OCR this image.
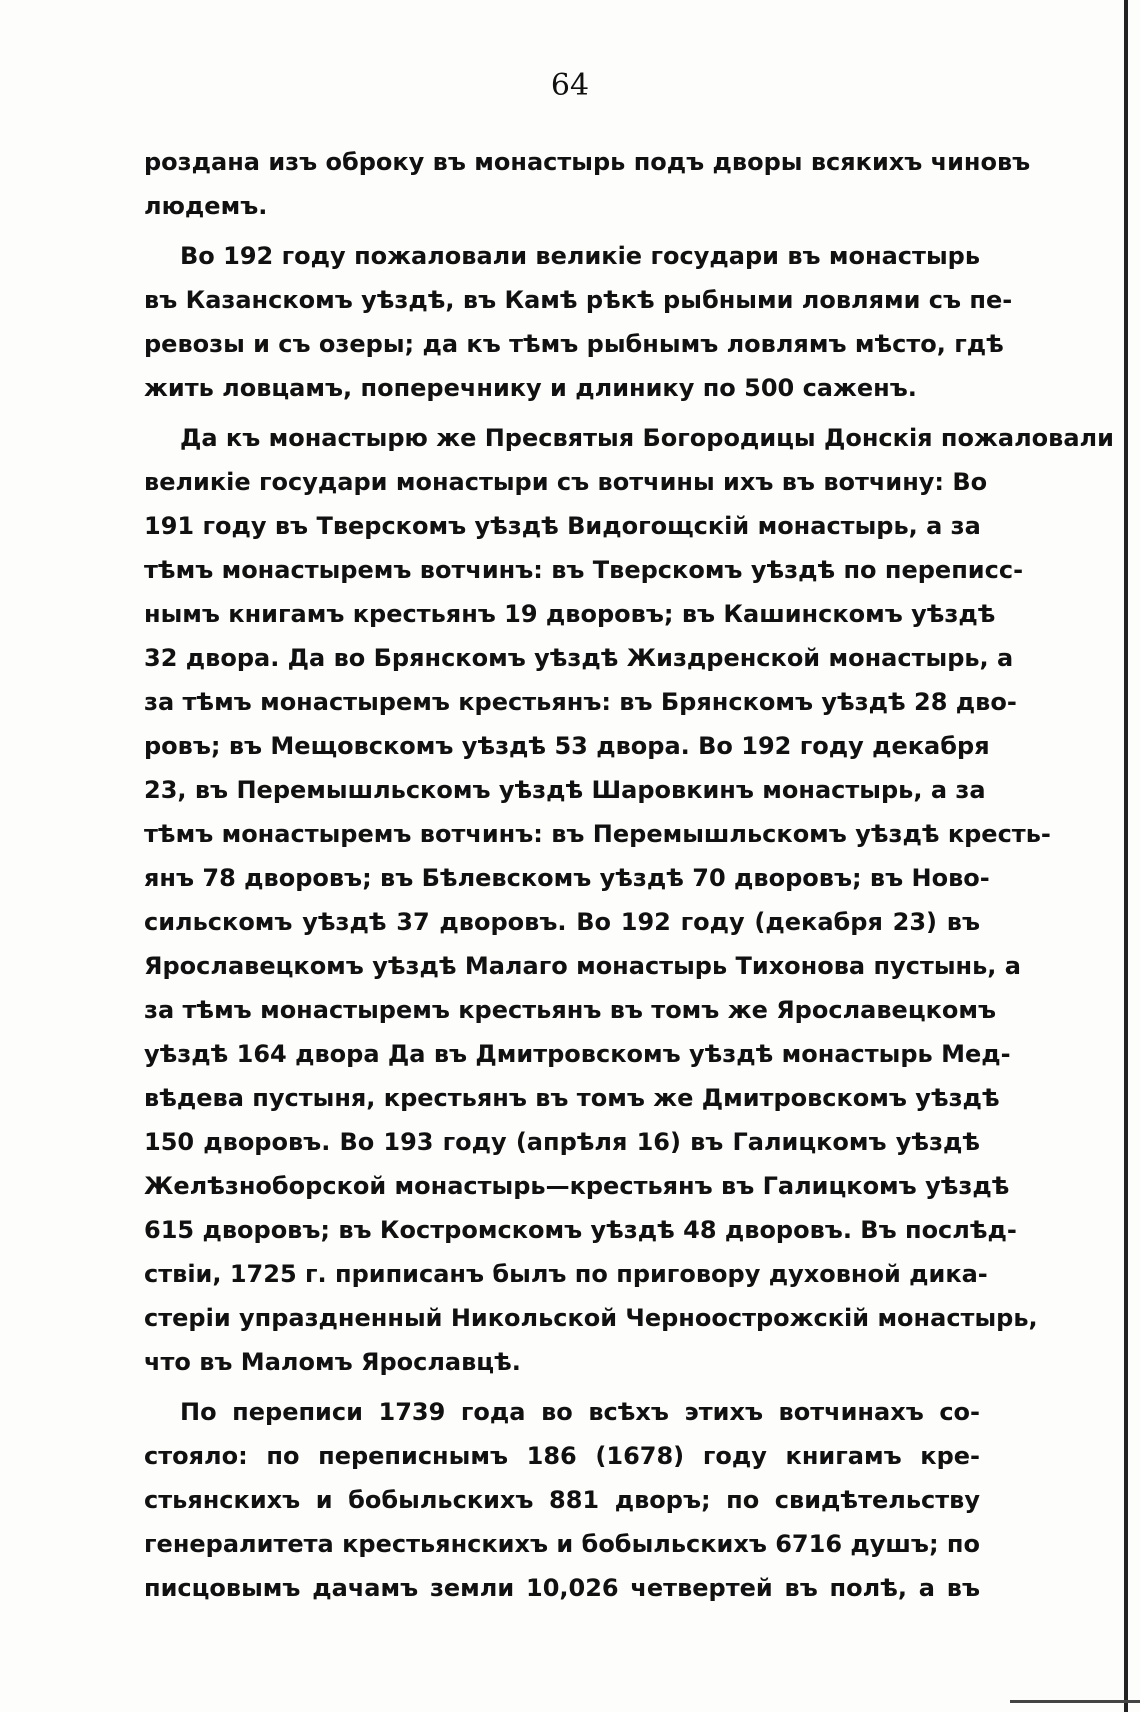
64
роздана изъ оброку въ монастырь подъ дворы всякихъ чиновъ
людемъ.
Во 192 году пожаловали великіе государи въ монастырь
въ Казанскомъ уѣздѣ, въ Камѣ рѣкѣ рыбными ловлями съ пе-
ревозы и съ озеры; да къ тѣмъ рыбнымъ ловлямъ мѣсто, гдѣ
жить ловцамъ, поперечнику и длинику по 500 саженъ.
Да къ монастырю же Пресвятыя Богородицы Донскія пожаловали
великіе государи монастыри съ вотчины ихъ въ вотчину: Во
191 году въ Тверскомъ уѣздѣ Видогощскій монастырь, а за
тѣмъ монастыремъ вотчинъ: въ Тверскомъ уѣздѣ по переписс-
нымъ книгамъ крестьянъ 19 дворовъ; въ Кашинскомъ уѣздѣ
32 двора. Да во Брянскомъ уѣздѣ Жиздренской монастырь, а
за тѣмъ монастыремъ крестьянъ: въ Брянскомъ уѣздѣ 28 дво-
ровъ; въ Мещовскомъ уѣздѣ 53 двора. Во 192 году декабря
23, въ Перемышльскомъ уѣздѣ Шаровкинъ монастырь, а за
тѣмъ монастыремъ вотчинъ: въ Перемышльскомъ уѣздѣ кресть-
янъ 78 дворовъ; въ Бѣлевскомъ уѣздѣ 70 дворовъ; въ Ново-
сильскомъ уѣздѣ 37 дворовъ. Во 192 году (декабря 23) въ
Ярославецкомъ уѣздѣ Малаго монастырь Тихонова пустынь, а
за тѣмъ монастыремъ крестьянъ въ томъ же Ярославецкомъ
уѣздѣ 164 двора Да въ Дмитровскомъ уѣздѣ монастырь Мед-
вѣдева пустыня, крестьянъ въ томъ же Дмитровскомъ уѣздѣ
150 дворовъ. Во 193 году (апрѣля 16) въ Галицкомъ уѣздѣ
Желѣзноборской монастырь—крестьянъ въ Галицкомъ уѣздѣ
615 дворовъ; въ Костромскомъ уѣздѣ 48 дворовъ. Въ послѣд-
ствіи, 1725 г. приписанъ былъ по приговору духовной дика-
стеріи упраздненный Никольской Черноострожскій монастырь,
что въ Маломъ Ярославцѣ.
По переписи 1739 года во всѣхъ этихъ вотчинахъ со-
стояло: по переписнымъ 186 (1678) году книгамъ кре-
стьянскихъ и бобыльскихъ 881 дворъ; по свидѣтельству
генералитета крестьянскихъ и бобыльскихъ 6716 душъ; по
писцовымъ дачамъ земли 10,026 четвертей въ полѣ, а въ
